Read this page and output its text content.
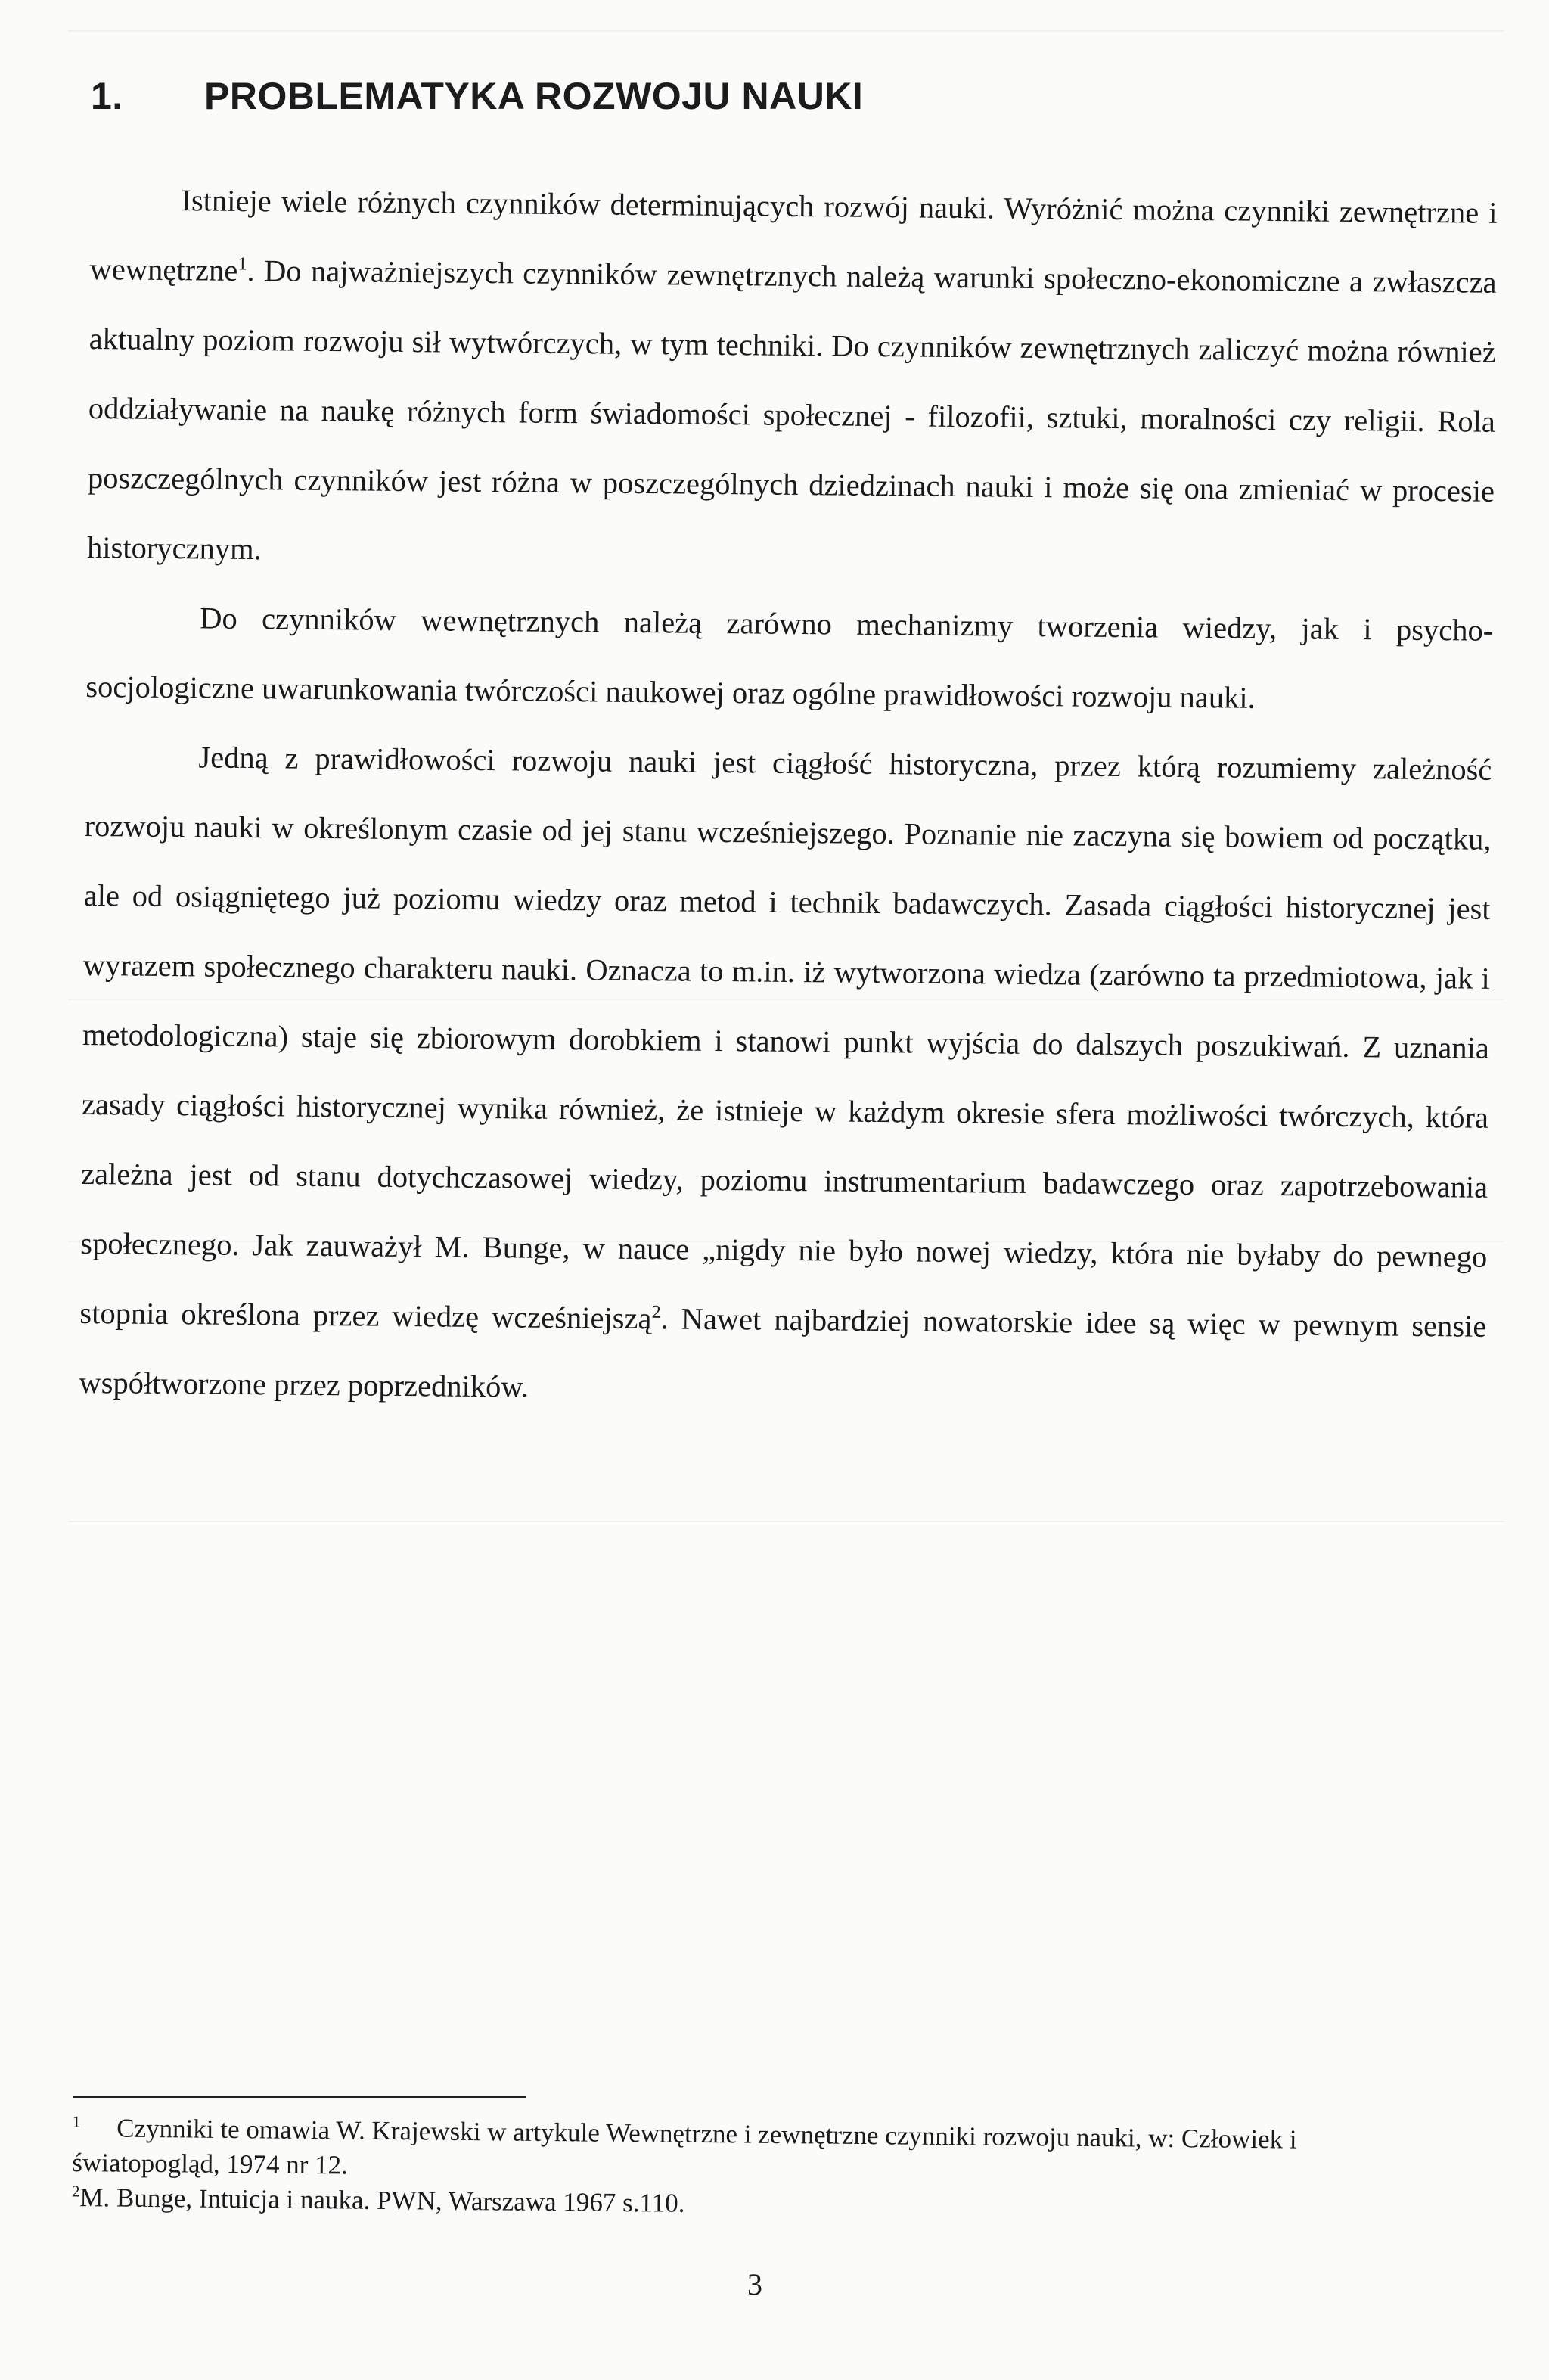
1. PROBLEMATYKA ROZWOJU NAUKI

Istnieje wiele różnych czynników determinujących rozwój nauki. Wyróżnić można czynniki zewnętrzne i wewnętrzne$^1$. Do najważniejszych czynników zewnętrznych należą warunki społeczno-ekonomiczne a zwłaszcza aktualny poziom rozwoju sił wytwórczych, w tym techniki. Do czynników zewnętrznych zaliczyć można również oddziaływanie na naukę różnych form świadomości społecznej - filozofii, sztuki, moralności czy religii. Rola poszczególnych czynników jest różna w poszczególnych dziedzinach nauki i może się ona zmieniać w procesie historycznym.

Do czynników wewnętrznych należą zarówno mechanizmy tworzenia wiedzy, jak i psycho-socjologiczne uwarunkowania twórczości naukowej oraz ogólne prawidłowości rozwoju nauki.

Jedną z prawidłowości rozwoju nauki jest ciągłość historyczna, przez którą rozumiemy zależność rozwoju nauki w określonym czasie od jej stanu wcześniejszego. Poznanie nie zaczyna się bowiem od początku, ale od osiągniętego już poziomu wiedzy oraz metod i technik badawczych. Zasada ciągłości historycznej jest wyrazem społecznego charakteru nauki. Oznacza to m.in. iż wytworzona wiedza (zarówno ta przedmiotowa, jak i metodologiczna) staje się zbiorowym dorobkiem i stanowi punkt wyjścia do dalszych poszukiwań. Z uznania zasady ciągłości historycznej wynika również, że istnieje w każdym okresie sfera możliwości twórczych, która zależna jest od stanu dotychczasowej wiedzy, poziomu instrumentarium badawczego oraz zapotrzebowania społecznego. Jak zauważył M. Bunge, w nauce „nigdy nie było nowej wiedzy, która nie byłaby do pewnego stopnia określona przez wiedzę wcześniejszą$^2$. Nawet najbardziej nowatorskie idee są więc w pewnym sensie współtworzone przez poprzedników.

$^1$ Czynniki te omawia W. Krajewski w artykule Wewnętrzne i zewnętrzne czynniki rozwoju nauki, w: Człowiek i światopogląd, 1974 nr 12.

$^2$M. Bunge, Intuicja i nauka. PWN, Warszawa 1967 s.110.

3
